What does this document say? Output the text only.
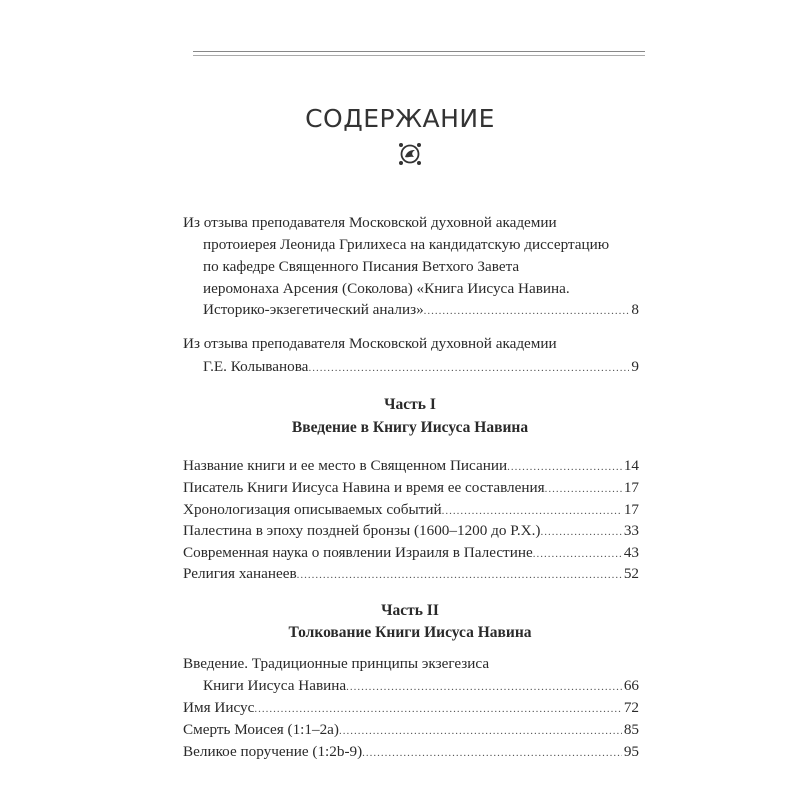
СОДЕРЖАНИЕ
Из отзыва преподавателя Московской духовной академии
протоиерея Леонида Грилихеса на кандидатскую диссертацию
по кафедре Священного Писания Ветхого Завета
иеромонаха Арсения (Соколова) «Книга Иисуса Навина.
Историко-экзегетический анализ» .....	8
Из отзыва преподавателя Московской духовной академии
Г.Е. Колыванова .....	9
Часть I
Введение в Книгу Иисуса Навина
Название книги и ее место в Священном Писании .....	14
Писатель Книги Иисуса Навина и время ее составления .....	17
Хронологизация описываемых событий .....	17
Палестина в эпоху поздней бронзы (1600–1200 до Р.Х.) .....	33
Современная наука о появлении Израиля в Палестине .....	43
Религия хананеев .....	52
Часть II
Толкование Книги Иисуса Навина
Введение. Традиционные принципы экзегезиса
Книги Иисуса Навина .....	66
Имя Иисус .....	72
Смерть Моисея (1:1–2a) .....	85
Великое поручение (1:2b-9) .....	95
